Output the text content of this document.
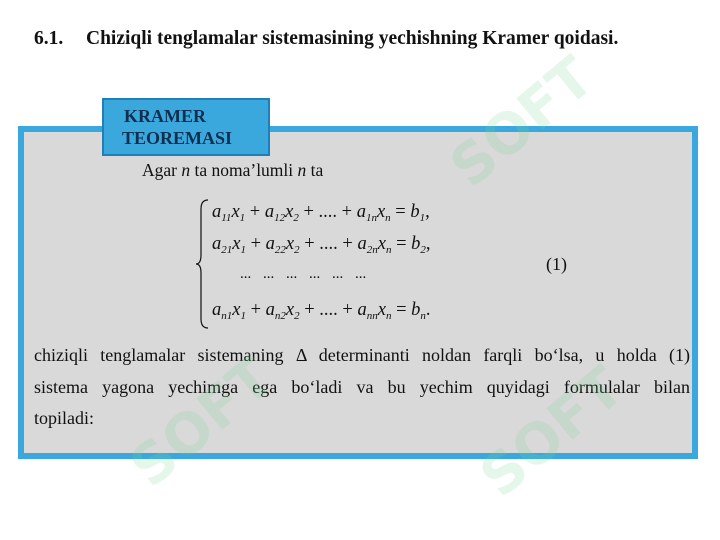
6.1. Chiziqli tenglamalar sistemasining yechishning Kramer qoidasi.
KRAMER
TEOREMASI
Agar n ta noma’lumli n ta
$a_{11}x_1 + a_{12}x_2$ + .... + $a_{1n}x_n = b_1$,
$a_{21}x_1 + a_{22}x_2$ + .... + $a_{2n}x_n = b_2$,
... ... ... ... ... ...
$a_{n1}x_1 + a_{n2}x_2$ + .... + $a_{nn}x_n = b_n$.
(1)
chiziqli tenglamalar sistemaning Δ determinanti noldan farqli bo‘lsa, u holda (1)
sistema yagona yechimga ega bo‘ladi va bu yechim quyidagi formulalar bilan
topiladi:
SOFT
SOFT	SOFT
